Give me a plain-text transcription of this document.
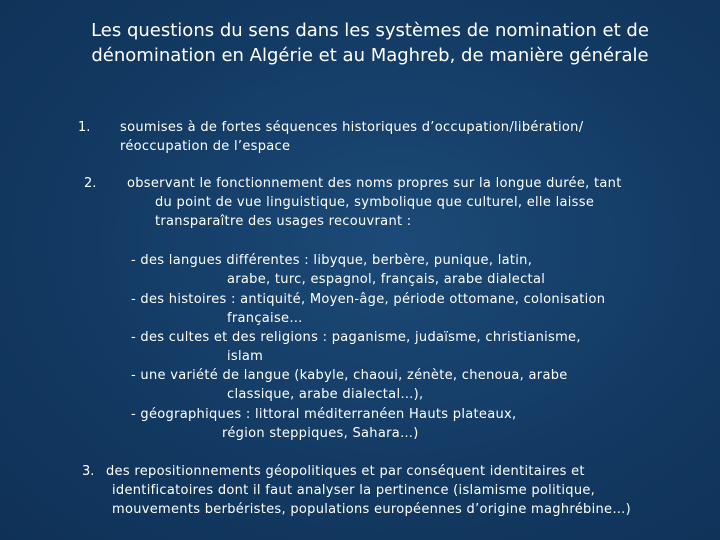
Les questions du sens dans les systèmes de nomination et de
dénomination en Algérie et au Maghreb, de manière générale
1. soumises à de fortes séquences historiques d’occupation/libération/
réoccupation de l’espace
2. observant le fonctionnement des noms propres sur la longue durée, tant
du point de vue linguistique, symbolique que culturel, elle laisse
transparaître des usages recouvrant :
- des langues différentes : libyque, berbère, punique, latin,
arabe, turc, espagnol, français, arabe dialectal
- des histoires : antiquité, Moyen-âge, période ottomane, colonisation
française…
- des cultes et des religions : paganisme, judaïsme, christianisme,
islam
- une variété de langue (kabyle, chaoui, zénète, chenoua, arabe
classique, arabe dialectal…),
- géographiques : littoral méditerranéen Hauts plateaux,
région steppiques, Sahara…)
3. des repositionnements géopolitiques et par conséquent identitaires et
identificatoires dont il faut analyser la pertinence (islamisme politique,
mouvements berbéristes, populations européennes d’origine maghrébine…)
